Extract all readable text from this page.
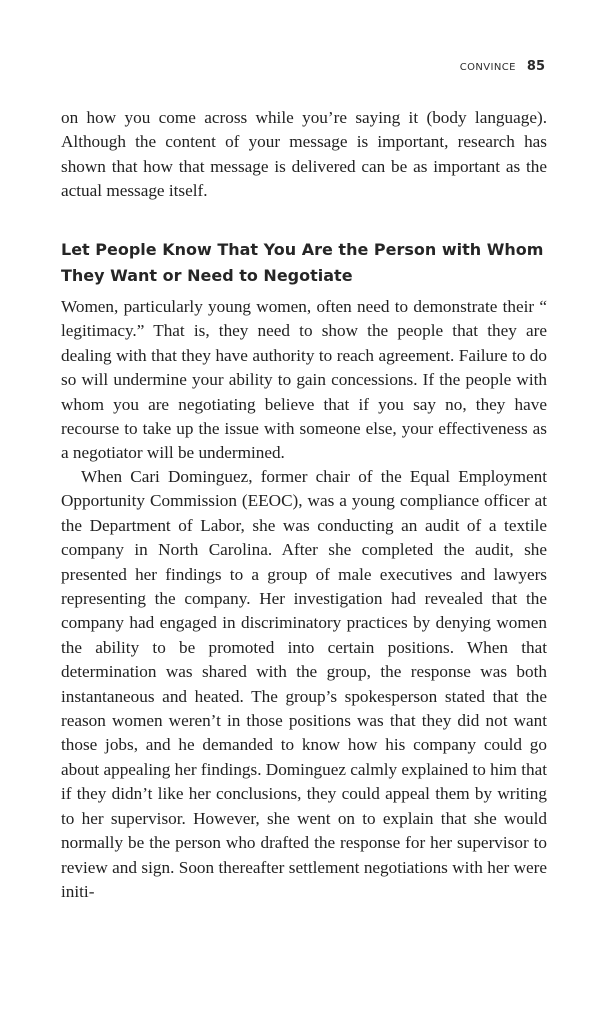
CONVINCE 85

on how you come across while you’re saying it (body language). Although the content of your message is important, research has shown that how that message is delivered can be as important as the actual message itself.

Let People Know That You Are the Person with Whom They Want or Need to Negotiate

Women, particularly young women, often need to demonstrate their “ legitimacy.” That is, they need to show the people that they are dealing with that they have authority to reach agreement. Failure to do so will undermine your ability to gain concessions. If the people with whom you are negotiating believe that if you say no, they have recourse to take up the issue with someone else, your effectiveness as a negotiator will be undermined.

When Cari Dominguez, former chair of the Equal Employment Opportunity Commission (EEOC), was a young compliance officer at the Department of Labor, she was conducting an audit of a textile company in North Carolina. After she completed the audit, she presented her findings to a group of male executives and lawyers representing the company. Her investigation had revealed that the company had engaged in discriminatory practices by denying women the ability to be promoted into certain positions. When that determination was shared with the group, the response was both instantaneous and heated. The group’s spokesperson stated that the reason women weren’t in those positions was that they did not want those jobs, and he demanded to know how his company could go about appealing her findings. Dominguez calmly explained to him that if they didn’t like her conclusions, they could appeal them by writing to her supervisor. However, she went on to explain that she would normally be the person who drafted the response for her supervisor to review and sign. Soon thereafter settlement negotiations with her were initi-
